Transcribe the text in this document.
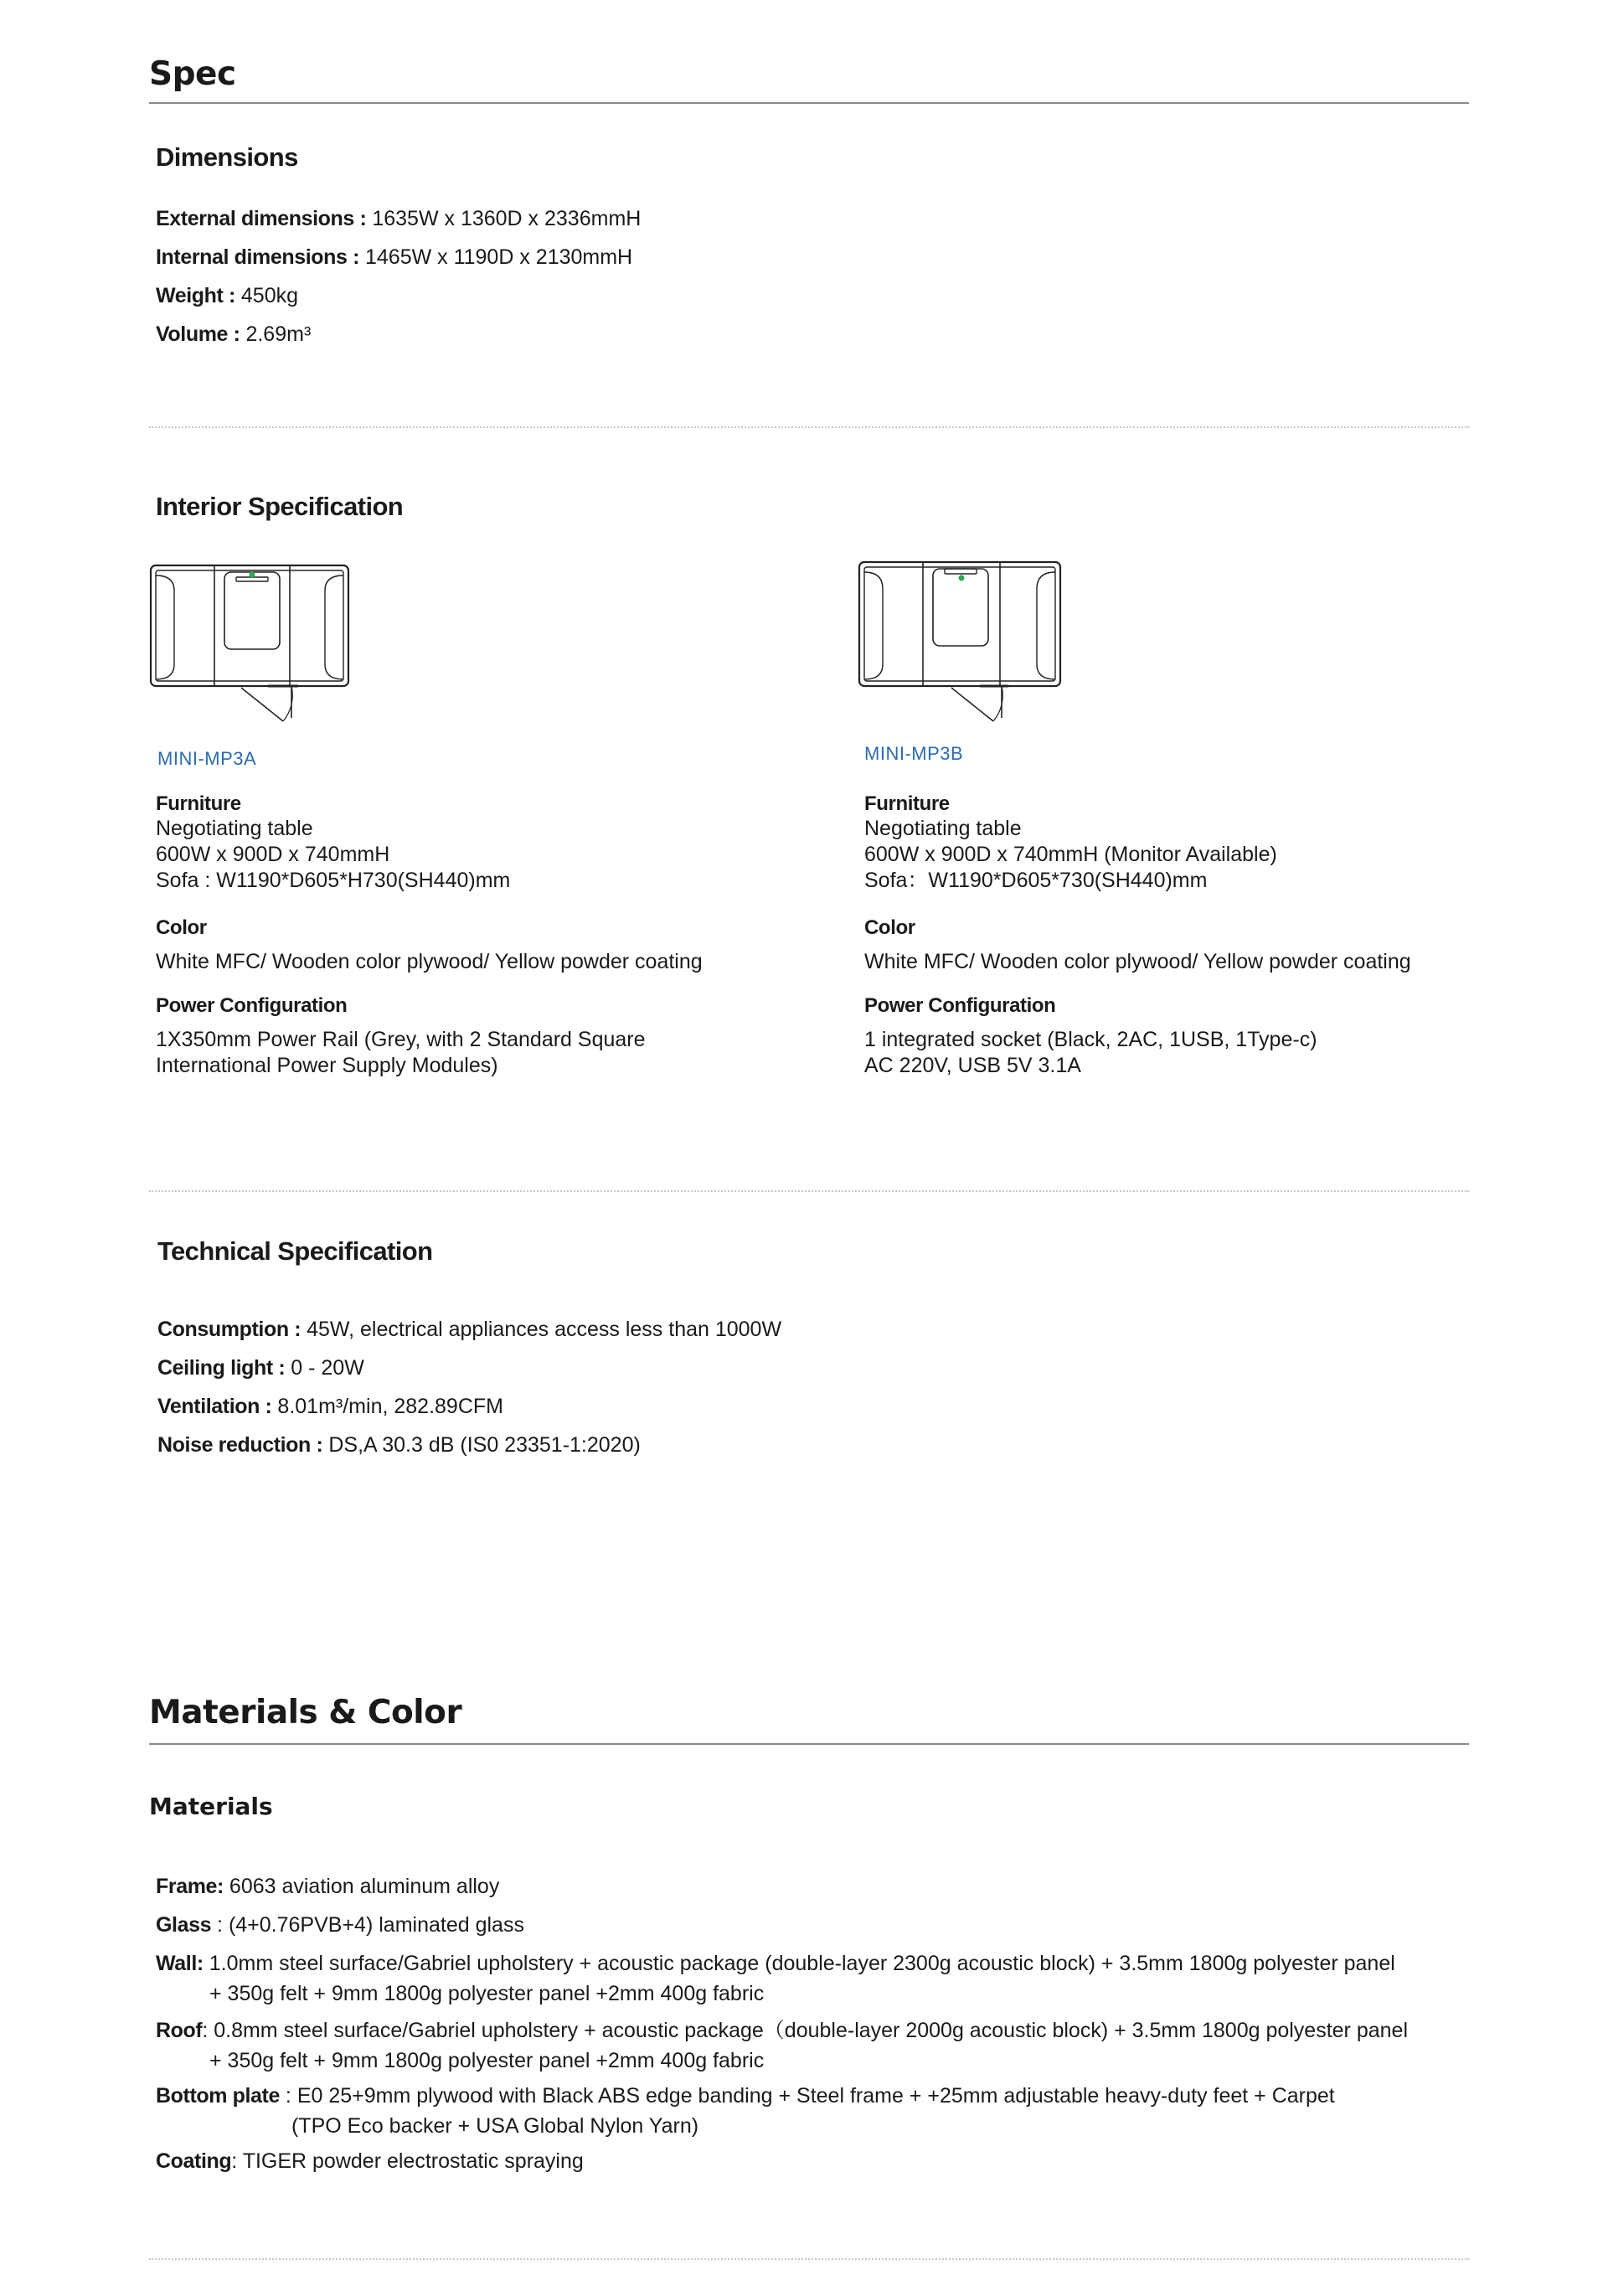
Spec
Dimensions
External dimensions : 1635W x 1360D x 2336mmH
Internal dimensions : 1465W x 1190D x 2130mmH
Weight : 450kg
Volume : 2.69m³
Interior Specification
MINI-MP3A	MINI-MP3B
Furniture
Negotiating table
600W x 900D x 740mmH
Sofa : W1190*D605*H730(SH440)mm
Color
White MFC/ Wooden color plywood/ Yellow powder coating
Power Configuration
1X350mm Power Rail (Grey, with 2 Standard Square
International Power Supply Modules)
Furniture
Negotiating table
600W x 900D x 740mmH (Monitor Available)
Sofa：W1190*D605*730(SH440)mm
Color
White MFC/ Wooden color plywood/ Yellow powder coating
Power Configuration
1 integrated socket (Black, 2AC, 1USB, 1Type-c)
AC 220V, USB 5V 3.1A
Technical Specification
Consumption : 45W, electrical appliances access less than 1000W
Ceiling light : 0 - 20W
Ventilation : 8.01m³/min, 282.89CFM
Noise reduction : DS,A 30.3 dB (IS0 23351-1:2020)
Materials & Color
Materials
Frame: 6063 aviation aluminum alloy
Glass : (4+0.76PVB+4) laminated glass
Wall: 1.0mm steel surface/Gabriel upholstery + acoustic package (double-layer 2300g acoustic block) + 3.5mm 1800g polyester panel
+ 350g felt + 9mm 1800g polyester panel +2mm 400g fabric
Roof: 0.8mm steel surface/Gabriel upholstery + acoustic package（double-layer 2000g acoustic block) + 3.5mm 1800g polyester panel
+ 350g felt + 9mm 1800g polyester panel +2mm 400g fabric
Bottom plate : E0 25+9mm plywood with Black ABS edge banding + Steel frame + +25mm adjustable heavy-duty feet + Carpet
(TPO Eco backer + USA Global Nylon Yarn)
Coating: TIGER powder electrostatic spraying
